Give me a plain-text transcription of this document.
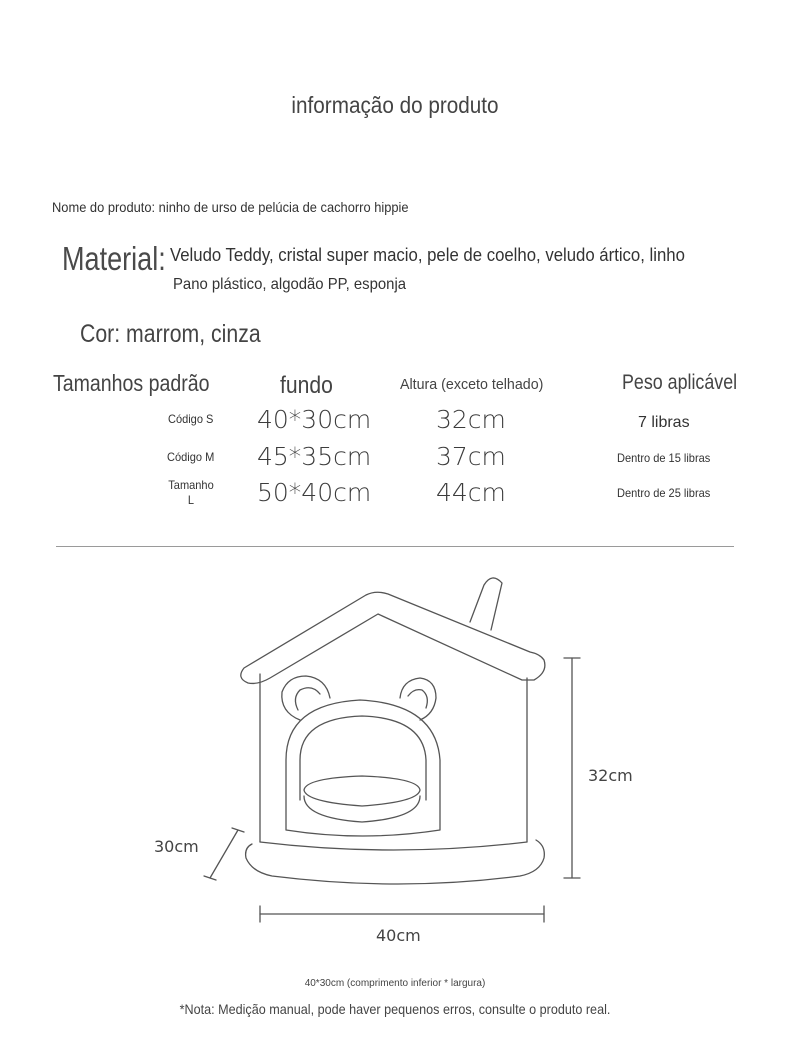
informação do produto
Nome do produto: ninho de urso de pelúcia de cachorro hippie
Material: Veludo Teddy, cristal super macio, pele de coelho, veludo ártico, linho
Pano plástico, algodão PP, esponja
Cor: marrom, cinza
Tamanhos padrão	fundo	Altura (exceto telhado)	Peso aplicável
Código S 40*30cm	32cm	7 libras
Código M 45*35cm	37cm	Dentro de 15 libras
Tamanho
L	50*40cm	44cm	Dentro de 25 libras
32cm
30cm
40cm
40*30cm (comprimento inferior * largura)
*Nota: Medição manual, pode haver pequenos erros, consulte o produto real.
